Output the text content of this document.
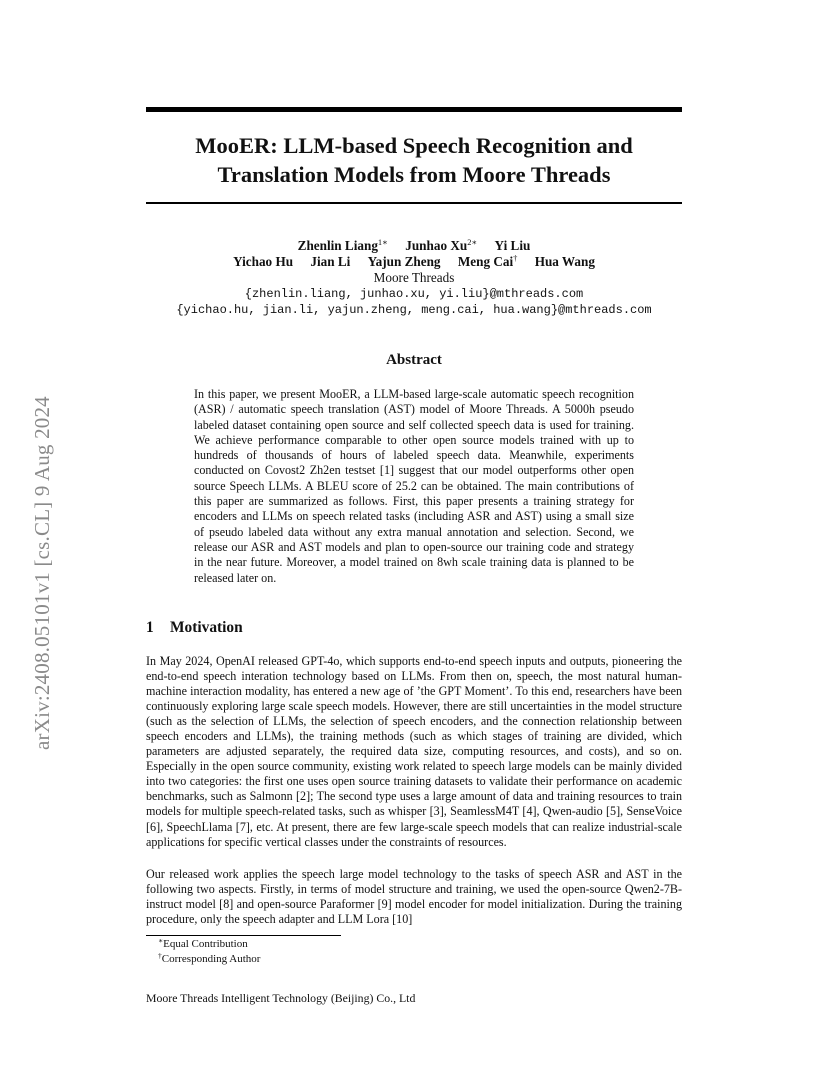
arXiv:2408.05101v1 [cs.CL] 9 Aug 2024
MooER: LLM-based Speech Recognition and
Translation Models from Moore Threads
Zhenlin Liang$^{1∗}$ Junhao $Xu^{2∗}$ Yi Liu
Yichao Hu Jian Li Yajun Zheng Meng Cai† Hua Wang
Moore Threads
{zhenlin.liang, junhao.xu, yi.liu}@mthreads.com
{yichao.hu, jian.li, yajun.zheng, meng.cai, hua.wang}@mthreads.com
Abstract
In this paper, we present MooER, a LLM-based large-scale automatic speech recognition (ASR) / automatic speech translation (AST) model of Moore Threads. A 5000h pseudo labeled dataset containing open source and self collected speech data is used for training. We achieve performance comparable to other open source models trained with up to hundreds of thousands of hours of labeled speech data. Meanwhile, experiments conducted on Covost2 Zh2en testset [1] suggest that our model outperforms other open source Speech LLMs. A BLEU score of 25.2 can be obtained. The main contributions of this paper are summarized as follows. First, this paper presents a training strategy for encoders and LLMs on speech related tasks (including ASR and AST) using a small size of pseudo labeled data without any extra manual annotation and selection. Second, we release our ASR and AST models and plan to open-source our training code and strategy in the near future. Moreover, a model trained on 8wh scale training data is planned to be released later on.
1 Motivation
In May 2024, OpenAI released GPT-4o, which supports end-to-end speech inputs and outputs, pioneering the end-to-end speech interation technology based on LLMs. From then on, speech, the most natural human-machine interaction modality, has entered a new age of ’the GPT Moment’. To this end, researchers have been continuously exploring large scale speech models. However, there are still uncertainties in the model structure (such as the selection of LLMs, the selection of speech encoders, and the connection relationship between speech encoders and LLMs), the training methods (such as which stages of training are divided, which parameters are adjusted separately, the required data size, computing resources, and costs), and so on. Especially in the open source community, existing work related to speech large models can be mainly divided into two categories: the first one uses open source training datasets to validate their performance on academic benchmarks, such as Salmonn [2]; The second type uses a large amount of data and training resources to train models for multiple speech-related tasks, such as whisper [3], SeamlessM4T [4], Qwen-audio [5], SenseVoice [6], SpeechLlama [7], etc. At present, there are few large-scale speech models that can realize industrial-scale applications for specific vertical classes under the constraints of resources.
Our released work applies the speech large model technology to the tasks of speech ASR and AST in the following two aspects. Firstly, in terms of model structure and training, we used the open-source Qwen2-7B-instruct model [8] and open-source Paraformer [9] model encoder for model initialization. During the training procedure, only the speech adapter and LLM Lora [10]
∗Equal Contribution
†Corresponding Author
Moore Threads Intelligent Technology (Beijing) Co., Ltd
